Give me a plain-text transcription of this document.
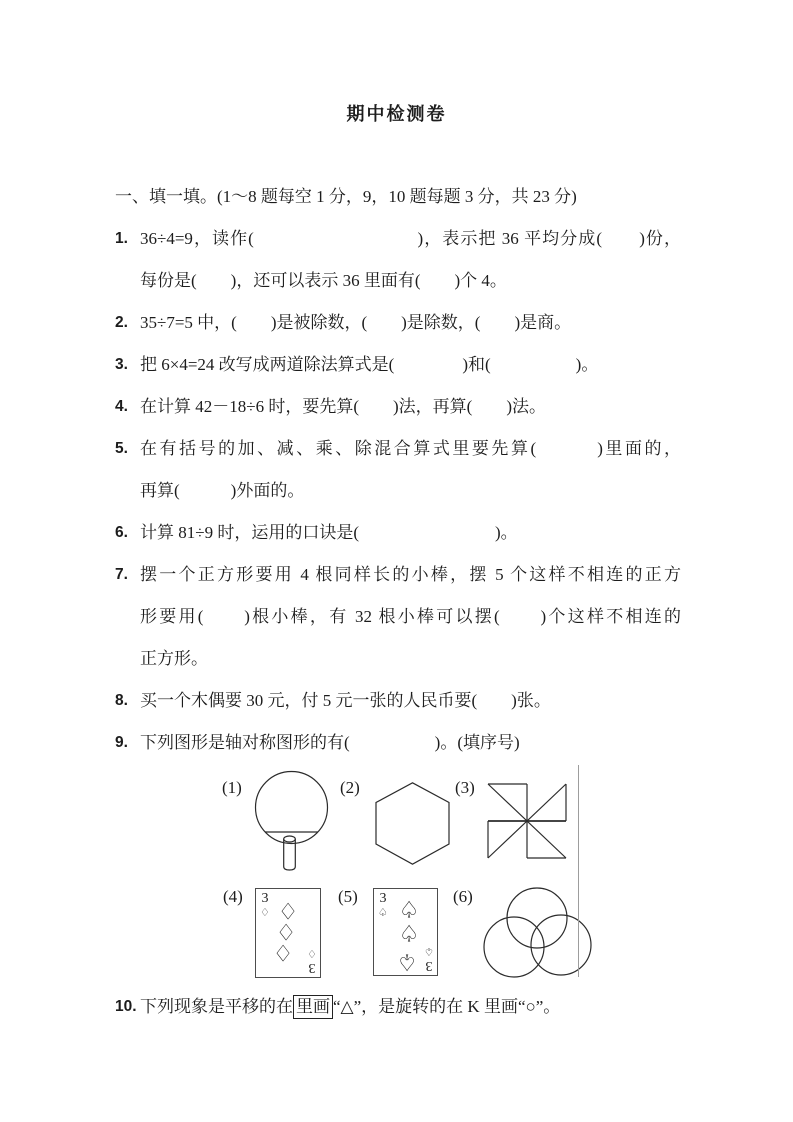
期中检测卷
一、填一填。(1～8 题每空 1 分，9，10 题每题 3 分，共 23 分)
1. 36÷4=9，读作(　　　　　　　　　)，表示把 36 平均分成(　　)份，
每份是(　　)，还可以表示 36 里面有(　　)个 4。
2. 35÷7=5 中，(　　)是被除数，(　　)是除数，(　　)是商。
3. 把 6×4=24 改写成两道除法算式是(　　　　)和(　　　　　)。
4. 在计算 42－18÷6 时，要先算(　　)法，再算(　　)法。
5. 在有括号的加、减、乘、除混合算式里要先算(　　　)里面的，
再算(　　　)外面的。
6. 计算 81÷9 时，运用的口诀是(　　　　　　　　)。
7. 摆一个正方形要用 4 根同样长的小棒，摆 5 个这样不相连的正方
形要用(　　)根小棒，有 32 根小棒可以摆(　　)个这样不相连的
正方形。
8. 买一个木偶要 30 元，付 5 元一张的人民币要(　　)张。
9. 下列图形是轴对称图形的有(　　　　　)。(填序号)
(1)	(2)	(3)
(4) 3
♢ ♢
♢
♢ 3
♢
(5) 3
♤ ♤
♤
♤ 3
♤
(6)
10. 下列现象是平移的在 里画 “△”，是旋转的在 K 里画“○”。
